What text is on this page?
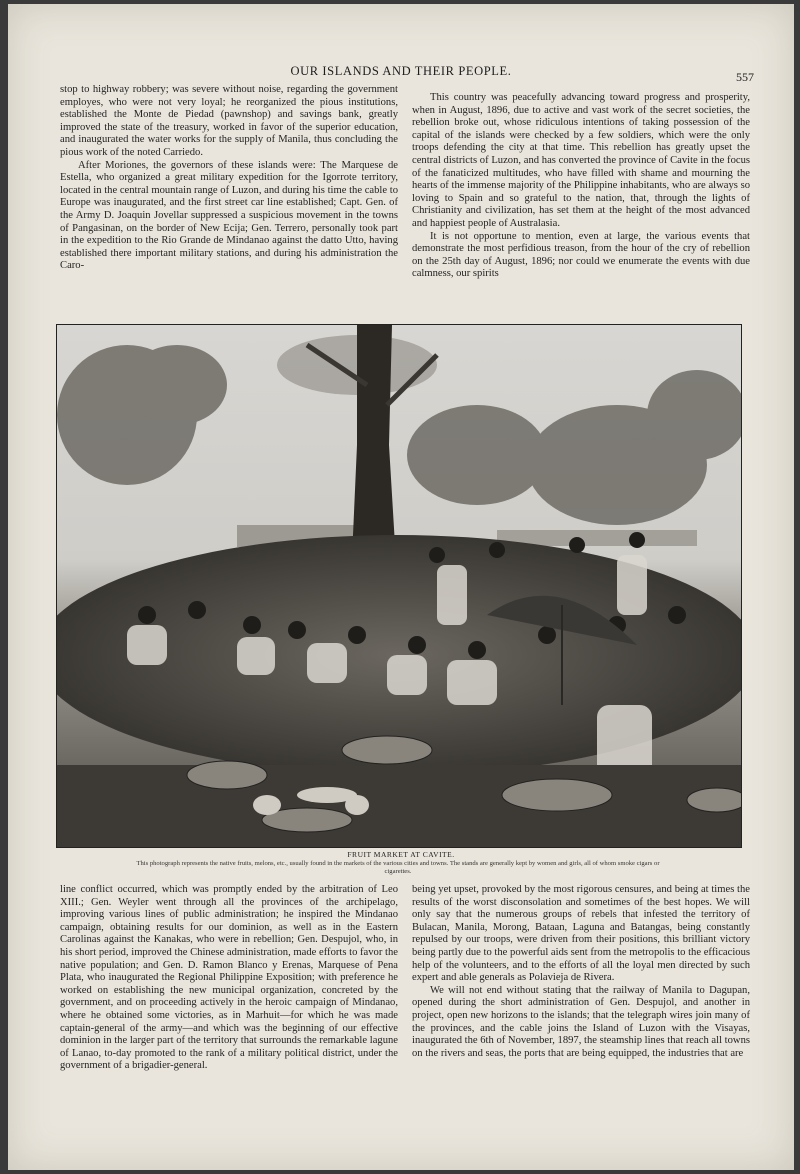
OUR ISLANDS AND THEIR PEOPLE.	557

stop to highway robbery; was severe without noise, regarding the government employes, who were not very loyal; he reorganized the pious institutions, established the Monte de Piedad (pawnshop) and savings bank, greatly improved the state of the treasury, worked in favor of the superior education, and inaugurated the water works for the supply of Manila, thus concluding the pious work of the noted Carriedo.

After Moriones, the governors of these islands were: The Marquese de Estella, who organized a great military expedition for the Igorrote territory, located in the central mountain range of Luzon, and during his time the cable to Europe was inaugurated, and the first street car line established; Capt. Gen. of the Army D. Joaquin Jovellar suppressed a suspicious movement in the towns of Pangasinan, on the border of New Ecija; Gen. Terrero, personally took part in the expedition to the Rio Grande de Mindanao against the datto Utto, having established there important military stations, and during his administration the Caro-

This country was peacefully advancing toward progress and prosperity, when in August, 1896, due to active and vast work of the secret societies, the rebellion broke out, whose ridiculous intentions of taking possession of the capital of the islands were checked by a few soldiers, which were the only troops defending the city at that time. This rebellion has greatly upset the central districts of Luzon, and has converted the province of Cavite in the focus of the fanaticized multitudes, who have filled with shame and mourning the hearts of the immense majority of the Philippine inhabitants, who are always so loving to Spain and so grateful to the nation, that, through the lights of Christianity and civilization, has set them at the height of the most advanced and happiest people of Australasia.

It is not opportune to mention, even at large, the various events that demonstrate the most perfidious treason, from the hour of the cry of rebellion on the 25th day of August, 1896; nor could we enumerate the events with due calmness, our spirits

FRUIT MARKET AT CAVITE.
This photograph represents the native fruits, melons, etc., usually found in the markets of the various cities and towns. The stands are generally kept by women and girls, all of whom smoke cigars or cigarettes.

line conflict occurred, which was promptly ended by the arbitration of Leo XIII.; Gen. Weyler went through all the provinces of the archipelago, improving various lines of public administration; he inspired the Mindanao campaign, obtaining results for our dominion, as well as in the Eastern Carolinas against the Kanakas, who were in rebellion; Gen. Despujol, who, in his short period, improved the Chinese administration, made efforts to favor the native population; and Gen. D. Ramon Blanco y Erenas, Marquese of Pena Plata, who inaugurated the Regional Philippine Exposition; with preference he worked on establishing the new municipal organization, concreted by the government, and on proceeding actively in the heroic campaign of Mindanao, where he obtained some victories, as in Marhuit—for which he was made captain-general of the army—and which was the beginning of our effective dominion in the larger part of the territory that surrounds the remarkable lagune of Lanao, to-day promoted to the rank of a military political district, under the government of a brigadier-general.

being yet upset, provoked by the most rigorous censures, and being at times the results of the worst disconsolation and sometimes of the best hopes. We will only say that the numerous groups of rebels that infested the territory of Bulacan, Manila, Morong, Bataan, Laguna and Batangas, being constantly repulsed by our troops, were driven from their positions, this brilliant victory being partly due to the powerful aids sent from the metropolis to the efficacious help of the volunteers, and to the efforts of all the loyal men directed by such expert and able generals as Polavieja de Rivera.

We will not end without stating that the railway of Manila to Dagupan, opened during the short administration of Gen. Despujol, and another in project, open new horizons to the islands; that the telegraph wires join many of the provinces, and the cable joins the Island of Luzon with the Visayas, inaugurated the 6th of November, 1897, the steamship lines that reach all towns on the rivers and seas, the ports that are being equipped, the industries that are
